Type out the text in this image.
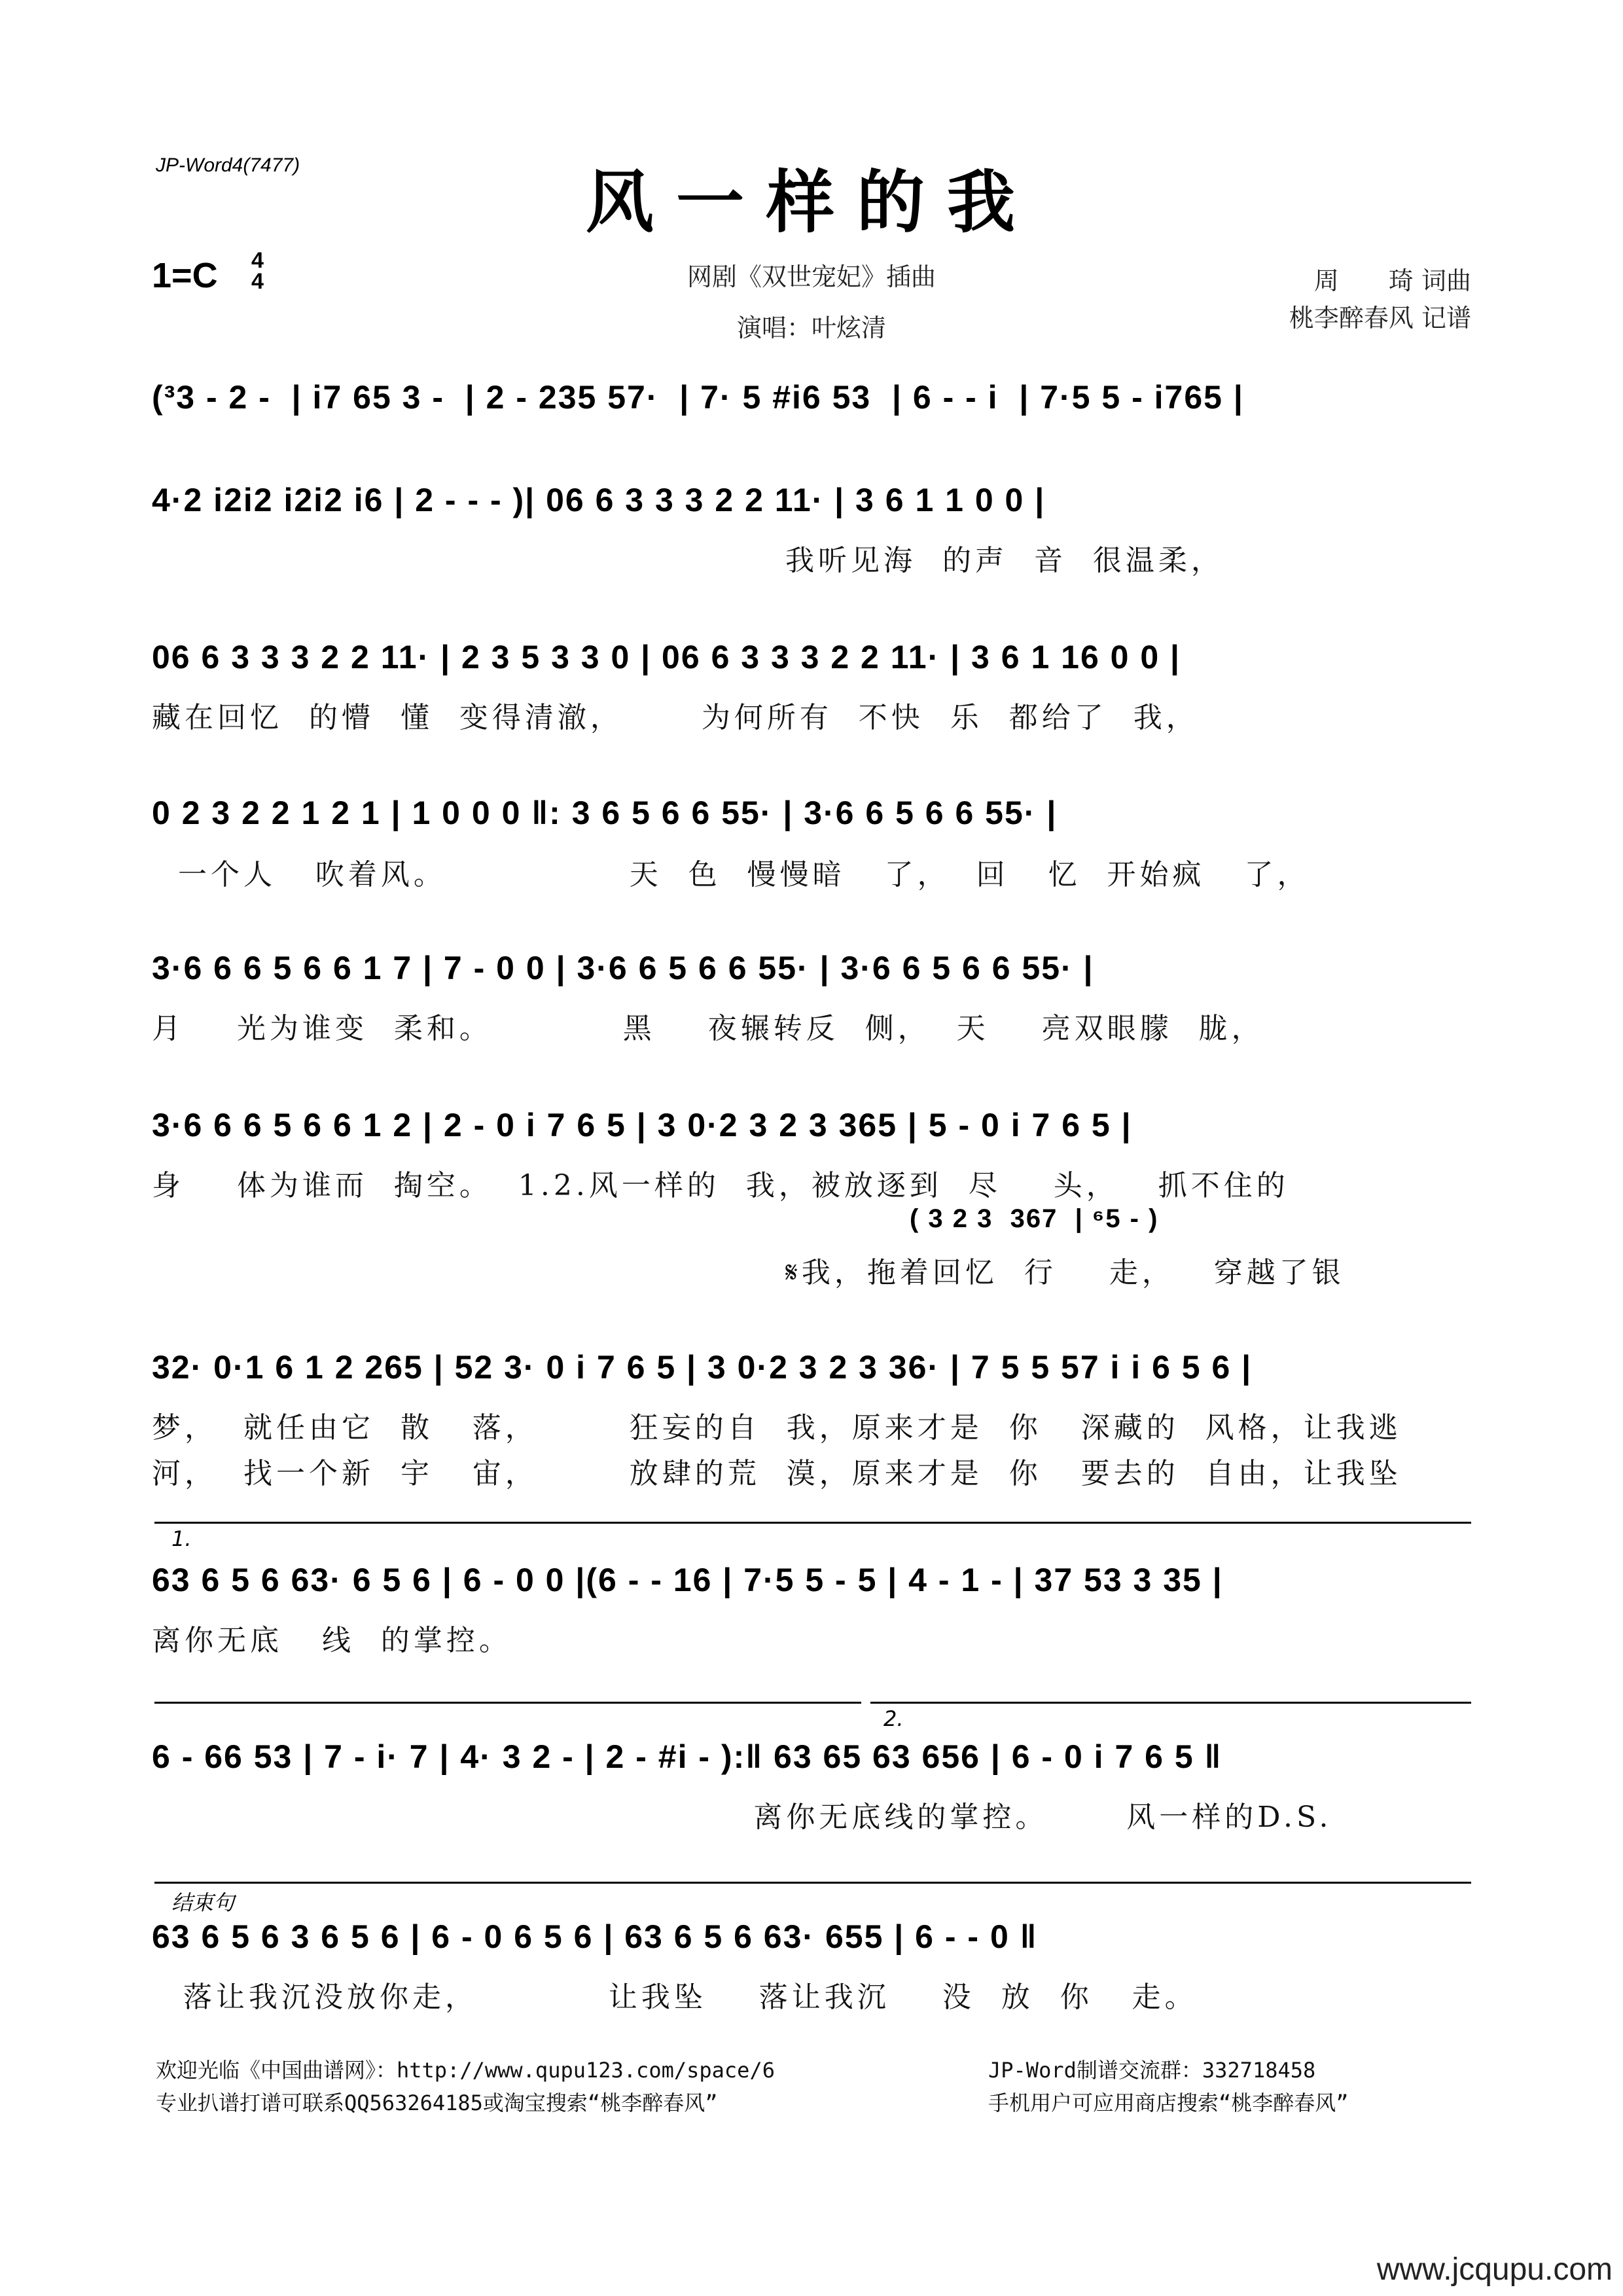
JP-Word4(7477)	风一样的我
1=C 4
4	网剧《双世宠妃》插曲
演唱：叶炫清
周　　琦 词曲
桃李醉春风 记谱
(³3 - 2 -  | i7 65 3 -  | 2 - 235 57·  | 7· 5 #i6 53  | 6 - - i  | 7·5 5 - i765 |
4·2 i2i2 i2i2 i6 | 2 - - - )| 06 6 3 3 3 2 2 11· | 3 6 1 1 0 0 |
我听见海  的声  音  很温柔，
06 6 3 3 3 2 2 11· | 2 3 5 3 3 0 | 06 6 3 3 3 2 2 11· | 3 6 1 16 0 0 |
藏在回忆  的懵  懂  变得清澈，      为何所有  不快  乐  都给了  我，
0 2 3 2 2 1 2 1 | 1 0 0 0 ‖: 3 6 5 6 6 55· | 3·6 6 5 6 6 55· |
一个人   吹着风。              天  色  慢慢暗   了，  回   忆  开始疯   了，
3·6 6 6 5 6 6 1 7 | 7 - 0 0 | 3·6 6 5 6 6 55· | 3·6 6 5 6 6 55· |
月    光为谁变  柔和。          黑    夜辗转反  侧，  天    亮双眼朦  胧，
3·6 6 6 5 6 6 1 2 | 2 - 0 i 7 6 5 | 3 0·2 3 2 3 365 | 5 - 0 i 7 6 5 |
身    体为谁而  掏空。  1.2.风一样的  我，被放逐到  尽    头，   抓不住的
( 3 2 3  367  | ⁶5 - )
𝄋我，拖着回忆  行    走，   穿越了银
32· 0·1 6 1 2 265 | 52 3· 0 i 7 6 5 | 3 0·2 3 2 3 36· | 7 5 5 57 i i 6 5 6 |
梦，  就任由它  散   落，       狂妄的自  我，原来才是  你   深藏的  风格，让我逃
河，  找一个新  宇   宙，       放肆的荒  漠，原来才是  你   要去的  自由，让我坠
1.
63 6 5 6 63· 6 5 6 | 6 - 0 0 |(6 - - 16 | 7·5 5 - 5 | 4 - 1 - | 37 53 3 35 |
离你无底   线  的掌控。
2.
6 - 66 53 | 7 - i· 7 | 4· 3 2 - | 2 - #i - ):‖ 63 65 63 656 | 6 - 0 i 7 6 5 ‖
离你无底线的掌控。      风一样的D.S.
结束句
63 6 5 6 3 6 5 6 | 6 - 0 6 5 6 | 63 6 5 6 63· 655 | 6 - - 0 ‖
落让我沉没放你走，          让我坠    落让我沉    没  放  你   走。
欢迎光临《中国曲谱网》：http://www.qupu123.com/space/6
专业扒谱打谱可联系QQ563264185或淘宝搜索“桃李醉春风”
JP-Word制谱交流群：332718458
手机用户可应用商店搜索“桃李醉春风”
www.jcqupu.com
